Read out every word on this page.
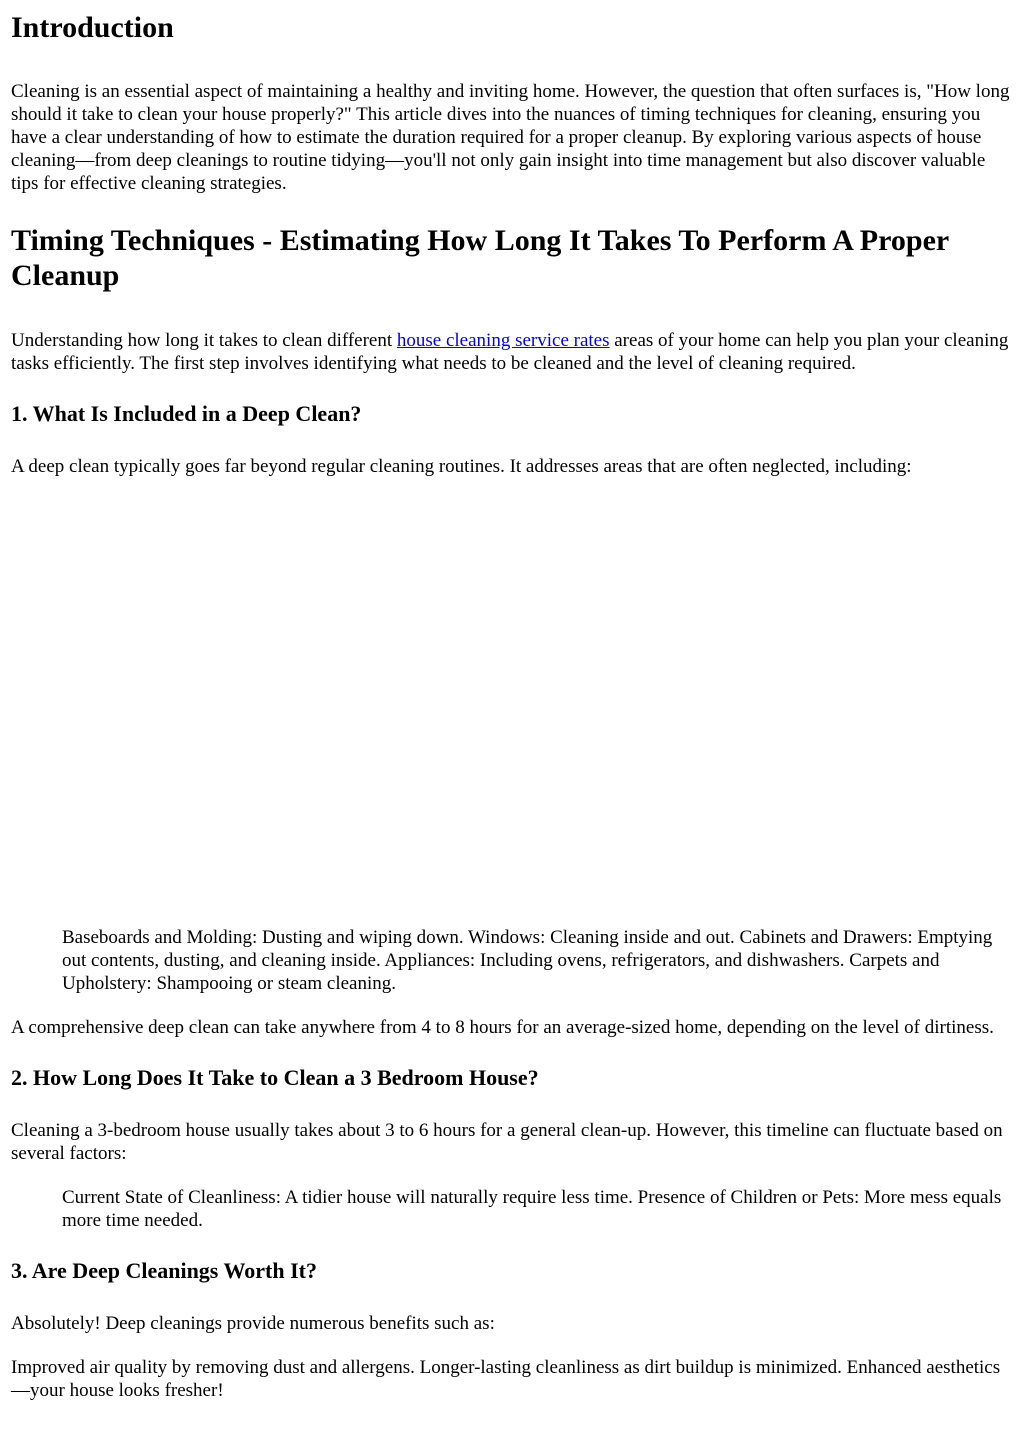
Introduction

Cleaning is an essential aspect of maintaining a healthy and inviting home. However, the question that often surfaces is, "How long should it take to clean your house properly?" This article dives into the nuances of timing techniques for cleaning, ensuring you have a clear understanding of how to estimate the duration required for a proper cleanup. By exploring various aspects of house cleaning—from deep cleanings to routine tidying—you'll not only gain insight into time management but also discover valuable tips for effective cleaning strategies.

Timing Techniques - Estimating How Long It Takes To Perform A Proper Cleanup

Understanding how long it takes to clean different house cleaning service rates areas of your home can help you plan your cleaning tasks efficiently. The first step involves identifying what needs to be cleaned and the level of cleaning required.

1. What Is Included in a Deep Clean?

A deep clean typically goes far beyond regular cleaning routines. It addresses areas that are often neglected, including:

Baseboards and Molding: Dusting and wiping down. Windows: Cleaning inside and out. Cabinets and Drawers: Emptying out contents, dusting, and cleaning inside. Appliances: Including ovens, refrigerators, and dishwashers. Carpets and Upholstery: Shampooing or steam cleaning.

A comprehensive deep clean can take anywhere from 4 to 8 hours for an average-sized home, depending on the level of dirtiness.

2. How Long Does It Take to Clean a 3 Bedroom House?

Cleaning a 3-bedroom house usually takes about 3 to 6 hours for a general clean-up. However, this timeline can fluctuate based on several factors:

Current State of Cleanliness: A tidier house will naturally require less time. Presence of Children or Pets: More mess equals more time needed.
3. Are Deep Cleanings Worth It?

Absolutely! Deep cleanings provide numerous benefits such as:

Improved air quality by removing dust and allergens. Longer-lasting cleanliness as dirt buildup is minimized. Enhanced aesthetics—your house looks fresher!
